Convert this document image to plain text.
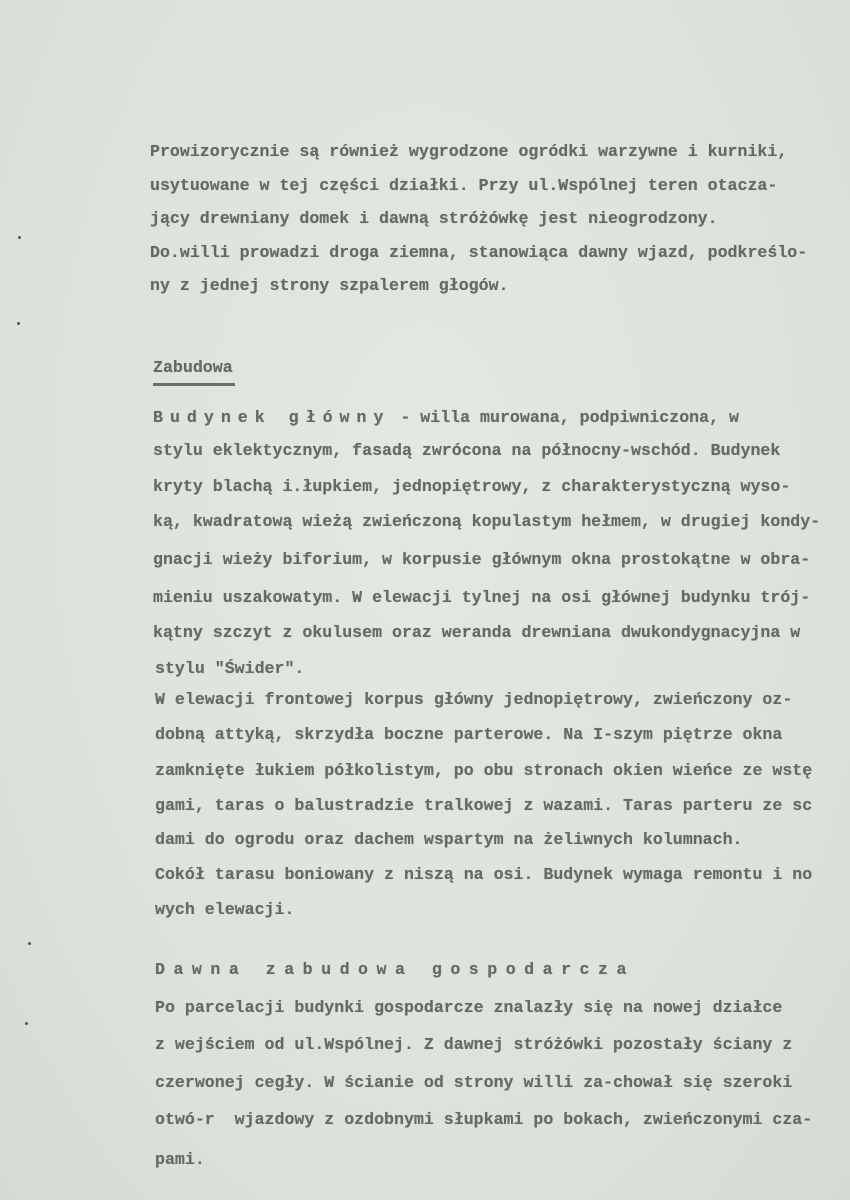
Prowizorycznie są również wygrodzone ogródki warzywne i kurniki,
usytuowane w tej części działki. Przy ul.Wspólnej teren otacza-
jący drewniany domek i dawną stróżówkę jest nieogrodzony.
Do.willi prowadzi droga ziemna, stanowiąca dawny wjazd, podkreślo-
ny z jednej strony szpalerem głogów.
Zabudowa
Budynek główny - willa murowana, podpiwniczona, w
stylu eklektycznym, fasadą zwrócona na północny-wschód. Budynek
kryty blachą i.łupkiem, jednopiętrowy, z charakterystyczną wyso-
ką, kwadratową wieżą zwieńczoną kopulastym hełmem, w drugiej kondy-
gnacji wieży biforium, w korpusie głównym okna prostokątne w obra-
mieniu uszakowatym. W elewacji tylnej na osi głównej budynku trój-
kątny szczyt z okulusem oraz weranda drewniana dwukondygnacyjna w
stylu "Świder".
W elewacji frontowej korpus główny jednopiętrowy, zwieńczony oz-
dobną attyką, skrzydła boczne parterowe. Na I-szym piętrze okna
zamknięte łukiem półkolistym, po obu stronach okien wieńce ze wstę
gami, taras o balustradzie tralkowej z wazami. Taras parteru ze sc
dami do ogrodu oraz dachem wspartym na żeliwnych kolumnach.
Cokół tarasu boniowany z niszą na osi. Budynek wymaga remontu i no
wych elewacji.
Dawna zabudowa gospodarcza
Po parcelacji budynki gospodarcze znalazły się na nowej działce
z wejściem od ul.Wspólnej. Z dawnej stróżówki pozostały ściany z
czerwonej cegły. W ścianie od strony willi za-chował się szeroki
otwó-r  wjazdowy z ozdobnymi słupkami po bokach, zwieńczonymi cza-
pami.
